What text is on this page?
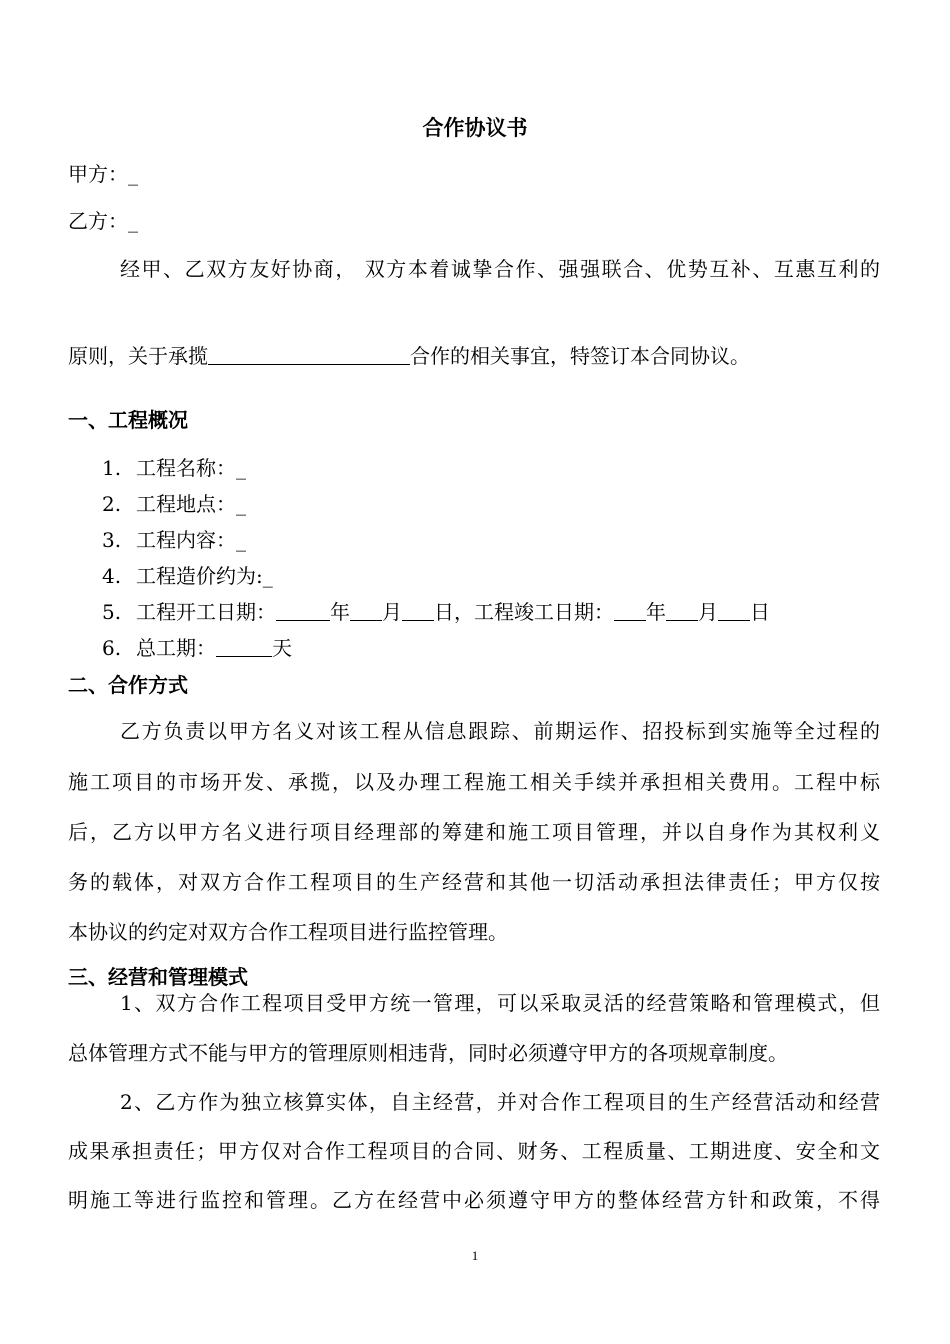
合作协议书
甲方：_
乙方：_
经甲、乙双方友好协商， 双方本着诚挚合作、强强联合、优势互补、互惠互利的
原则，关于承揽	合作的相关事宜，特签订本合同协议。
一、工程概况
1. 工程名称：_
2. 工程地点：_
3. 工程内容：_
4. 工程造价约为:_
5. 工程开工日期：	年 月 日，工程竣工日期： 年 月 日
6. 总工期：	天
二、合作方式
乙方负责以甲方名义对该工程从信息跟踪、前期运作、招投标到实施等全过程的
施工项目的市场开发、承揽，以及办理工程施工相关手续并承担相关费用。工程中标
后，乙方以甲方名义进行项目经理部的筹建和施工项目管理，并以自身作为其权利义
务的载体，对双方合作工程项目的生产经营和其他一切活动承担法律责任；甲方仅按
本协议的约定对双方合作工程项目进行监控管理。
三、经营和管理模式
1、双方合作工程项目受甲方统一管理，可以采取灵活的经营策略和管理模式，但
总体管理方式不能与甲方的管理原则相违背，同时必须遵守甲方的各项规章制度。
2、乙方作为独立核算实体，自主经营，并对合作工程项目的生产经营活动和经营
成果承担责任；甲方仅对合作工程项目的合同、财务、工程质量、工期进度、安全和文
明施工等进行监控和管理。乙方在经营中必须遵守甲方的整体经营方针和政策，不得
1
